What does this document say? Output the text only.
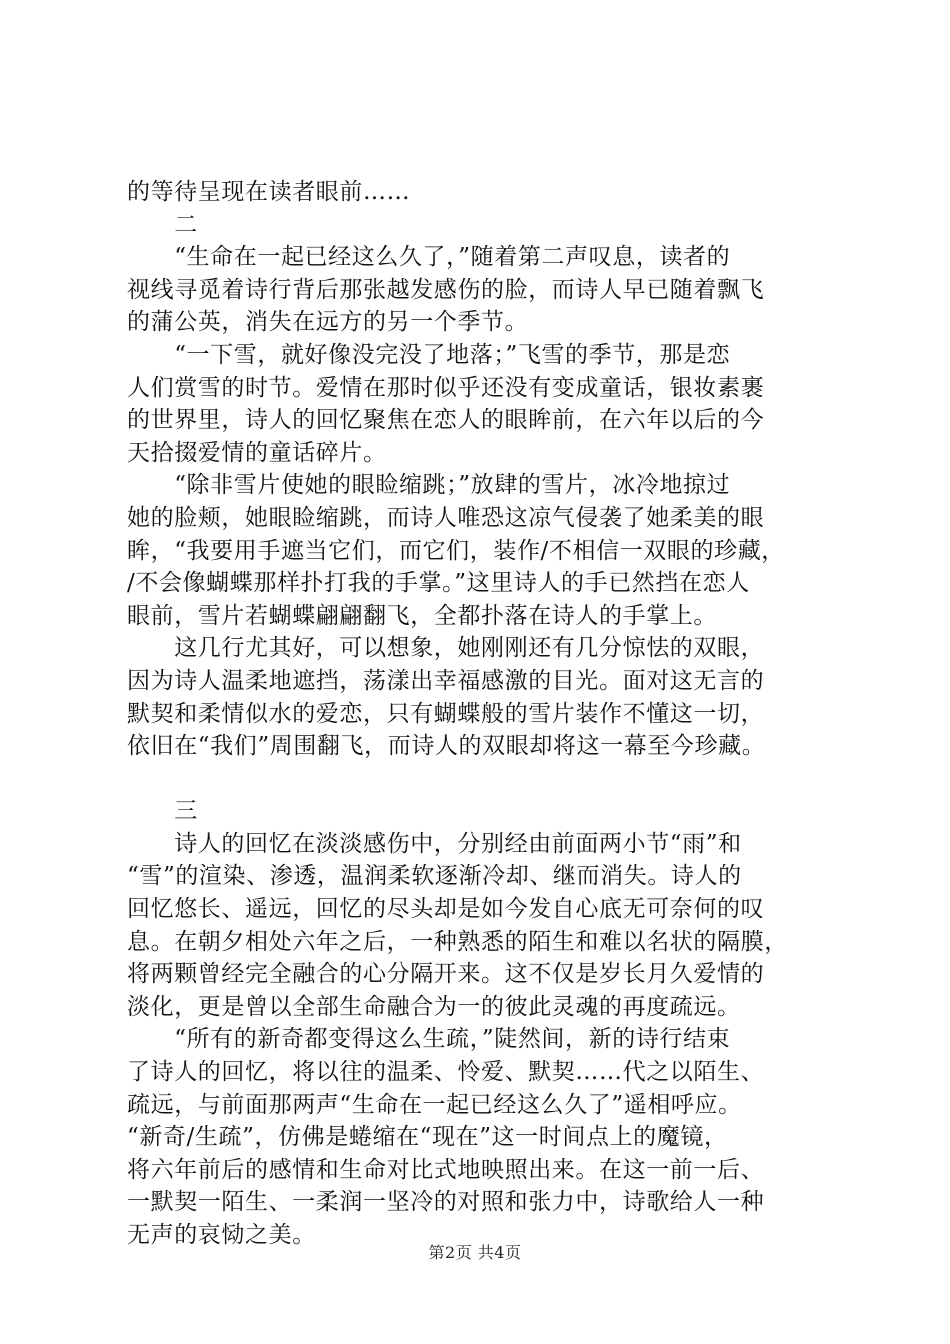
的等待呈现在读者眼前……
　　二
　　“生命在一起已经这么久了，”随着第二声叹息，读者的
视线寻觅着诗行背后那张越发感伤的脸，而诗人早已随着飘飞
的蒲公英，消失在远方的另一个季节。
　　“一下雪，就好像没完没了地落；”飞雪的季节，那是恋
人们赏雪的时节。爱情在那时似乎还没有变成童话，银妆素裹
的世界里，诗人的回忆聚焦在恋人的眼眸前，在六年以后的今
天拾掇爱情的童话碎片。
　　“除非雪片使她的眼睑缩跳；”放肆的雪片，冰冷地掠过
她的脸颊，她眼睑缩跳，而诗人唯恐这凉气侵袭了她柔美的眼
眸，“我要用手遮当它们，而它们，装作/不相信一双眼的珍藏，
/不会像蝴蝶那样扑打我的手掌。”这里诗人的手已然挡在恋人
眼前，雪片若蝴蝶翩翩翻飞，全都扑落在诗人的手掌上。
　　这几行尤其好，可以想象，她刚刚还有几分惊怯的双眼，
因为诗人温柔地遮挡，荡漾出幸福感激的目光。面对这无言的
默契和柔情似水的爱恋，只有蝴蝶般的雪片装作不懂这一切，
依旧在“我们”周围翻飞，而诗人的双眼却将这一幕至今珍藏。
　　三
　　诗人的回忆在淡淡感伤中，分别经由前面两小节“雨”和
“雪”的渲染、渗透，温润柔软逐渐冷却、继而消失。诗人的
回忆悠长、遥远，回忆的尽头却是如今发自心底无可奈何的叹
息。在朝夕相处六年之后，一种熟悉的陌生和难以名状的隔膜，
将两颗曾经完全融合的心分隔开来。这不仅是岁长月久爱情的
淡化，更是曾以全部生命融合为一的彼此灵魂的再度疏远。
　　“所有的新奇都变得这么生疏，”陡然间，新的诗行结束
了诗人的回忆，将以往的温柔、怜爱、默契……代之以陌生、
疏远，与前面那两声“生命在一起已经这么久了”遥相呼应。
“新奇/生疏”，仿佛是蜷缩在“现在”这一时间点上的魔镜，
将六年前后的感情和生命对比式地映照出来。在这一前一后、
一默契一陌生、一柔润一坚冷的对照和张力中，诗歌给人一种
无声的哀恸之美。
第2页 共4页
